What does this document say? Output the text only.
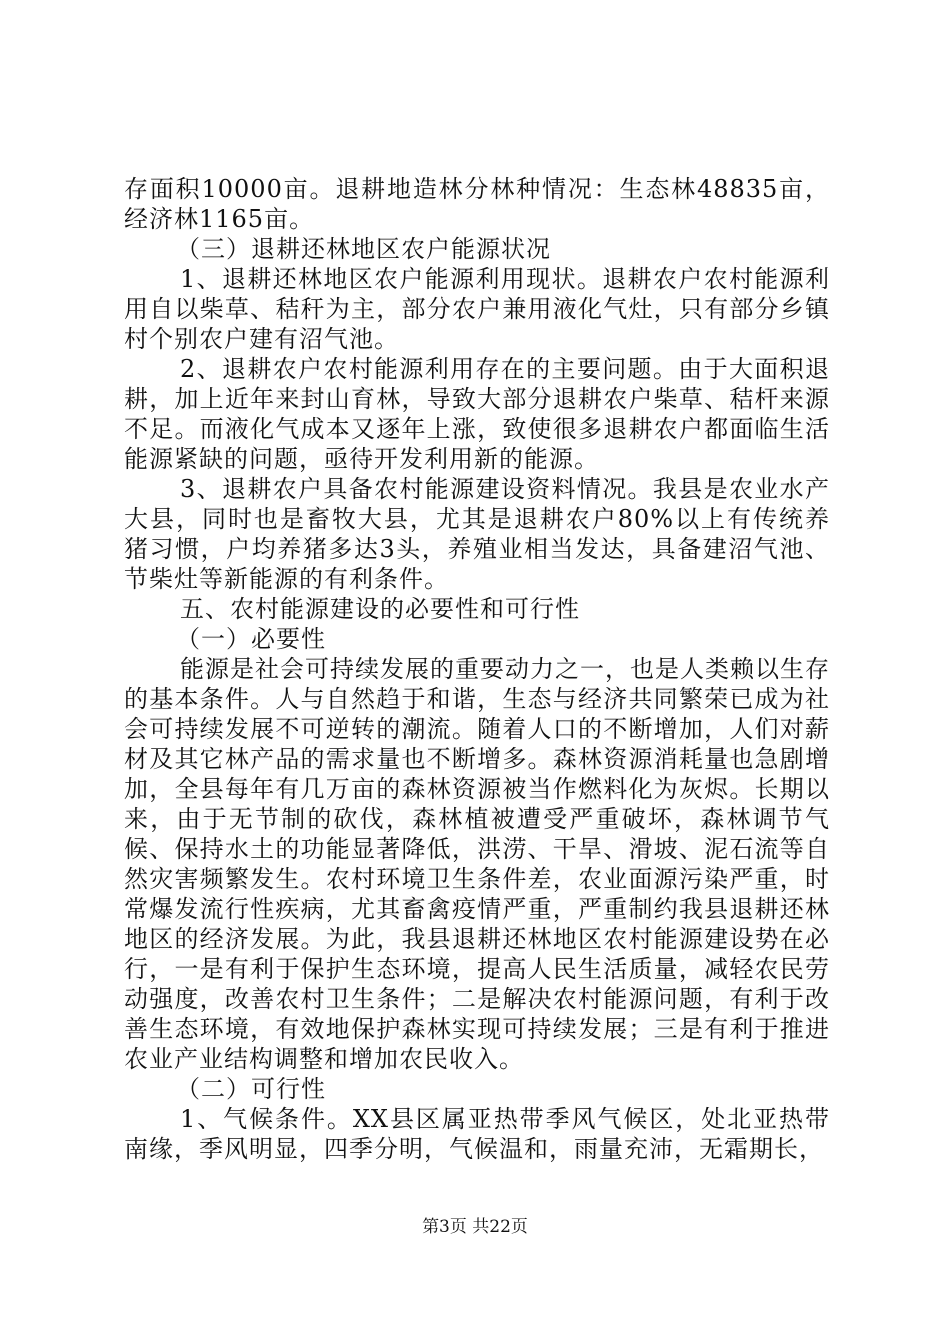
存面积10000亩。退耕地造林分林种情况：生态林48835亩，经济林1165亩。

（三）退耕还林地区农户能源状况

1、退耕还林地区农户能源利用现状。退耕农户农村能源利用自以柴草、秸秆为主，部分农户兼用液化气灶，只有部分乡镇村个别农户建有沼气池。

2、退耕农户农村能源利用存在的主要问题。由于大面积退耕，加上近年来封山育林，导致大部分退耕农户柴草、秸杆来源不足。而液化气成本又逐年上涨，致使很多退耕农户都面临生活能源紧缺的问题，亟待开发利用新的能源。

3、退耕农户具备农村能源建设资料情况。我县是农业水产大县，同时也是畜牧大县，尤其是退耕农户80%以上有传统养猪习惯，户均养猪多达3头，养殖业相当发达，具备建沼气池、节柴灶等新能源的有利条件。

五、农村能源建设的必要性和可行性

（一）必要性

能源是社会可持续发展的重要动力之一，也是人类赖以生存的基本条件。人与自然趋于和谐，生态与经济共同繁荣已成为社会可持续发展不可逆转的潮流。随着人口的不断增加，人们对薪材及其它林产品的需求量也不断增多。森林资源消耗量也急剧增加，全县每年有几万亩的森林资源被当作燃料化为灰烬。长期以来，由于无节制的砍伐，森林植被遭受严重破坏，森林调节气候、保持水土的功能显著降低，洪涝、干旱、滑坡、泥石流等自然灾害频繁发生。农村环境卫生条件差，农业面源污染严重，时常爆发流行性疾病，尤其畜禽疫情严重，严重制约我县退耕还林地区的经济发展。为此，我县退耕还林地区农村能源建设势在必行，一是有利于保护生态环境，提高人民生活质量，减轻农民劳动强度，改善农村卫生条件；二是解决农村能源问题，有利于改善生态环境，有效地保护森林实现可持续发展；三是有利于推进农业产业结构调整和增加农民收入。

（二）可行性

1、气候条件。XX县区属亚热带季风气候区，处北亚热带南缘，季风明显，四季分明，气候温和，雨量充沛，无霜期长，

第3页 共22页
